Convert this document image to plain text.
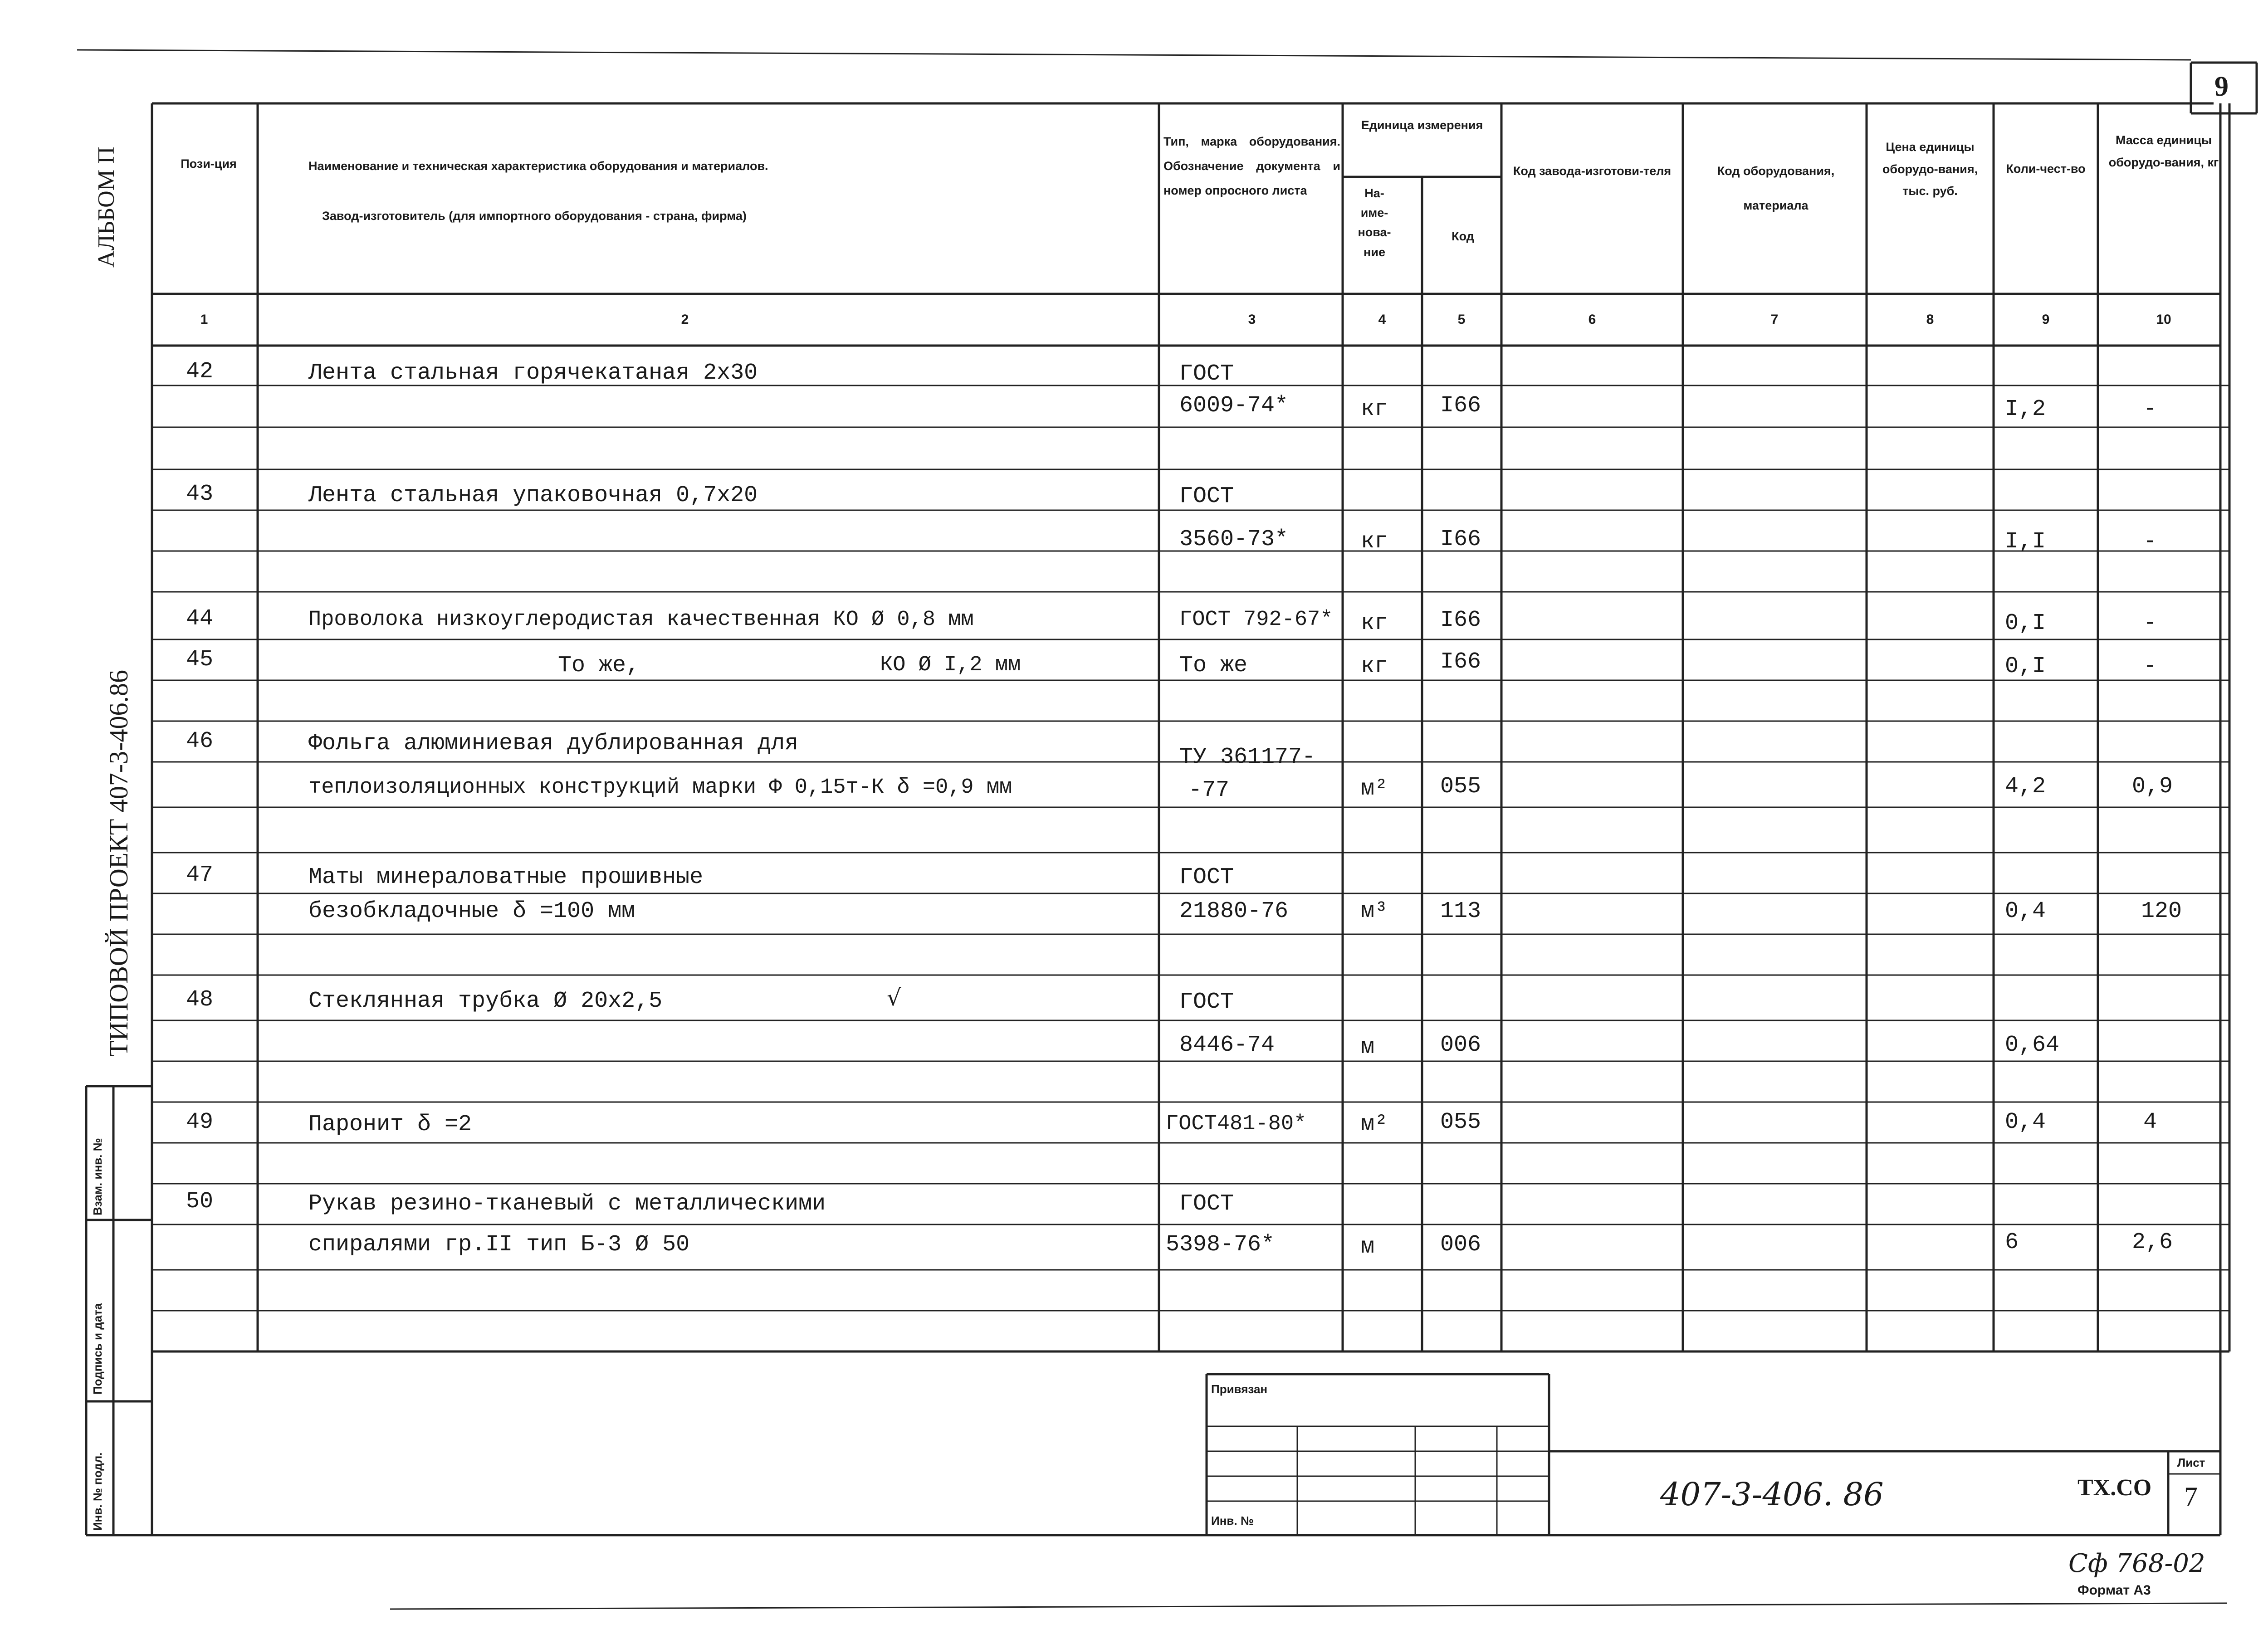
9
АЛЬБОМ П
ТИПОВОЙ ПРОЕКТ 407-3-406.86
Взам. инв. №
Подпись и дата
Инв. № подл.
Пози-ция	Наименование и техническая характеристика оборудования и материалов.
Завод-изготовитель (для импортного оборудования - страна, фирма)
Тип, марка оборудования. Обозначение документа и номер опросного листа
Единица измерения
На-име-нова-ние
Код
Код завода-изготови-теля	Код оборудования, материала
Цена единицы оборудо-вания, тыс. руб.
Коли-чест-во
Масса единицы оборудо-вания, кг
1	2	3	4	5	6	7	8	9	10
42	Лента стальная горячекатаная 2x30	ГОСТ
6009-74*	кг I66	I,2	-
43	Лента стальная упаковочная 0,7x20	ГОСТ
3560-73*	кг I66	I,I	-
44	Проволока низкоуглеродистая качественная КО Ø 0,8 мм	ГОСТ 792-67* кг I66	0,I	-
45	То же,	КО Ø I,2 мм	То же	кг I66	0,I	-
46	Фольга алюминиевая дублированная для
теплоизоляционных конструкций марки Ф 0,15т-К δ =0,9 мм
ТУ 361177-
-77	м² 055	4,2	0,9
47	Маты минераловатные прошивные
безобкладочные δ =100 мм
ГОСТ
21880-76	м³ 113	0,4	120
48	Стеклянная трубка Ø 20x2,5	√	ГОСТ
8446-74	м	006	0,64
49	Паронит δ =2	ГОСТ481-80* м² 055	0,4	4
50	Рукав резино-тканевый с металлическими
спиралями гр.II тип Б-3 Ø 50
ГОСТ
5398-76*	м	006	6	2,6
Привязан
Инв. №
407-3-406. 86	TX.CO
Лист
7
Сф 768-02
Формат А3
